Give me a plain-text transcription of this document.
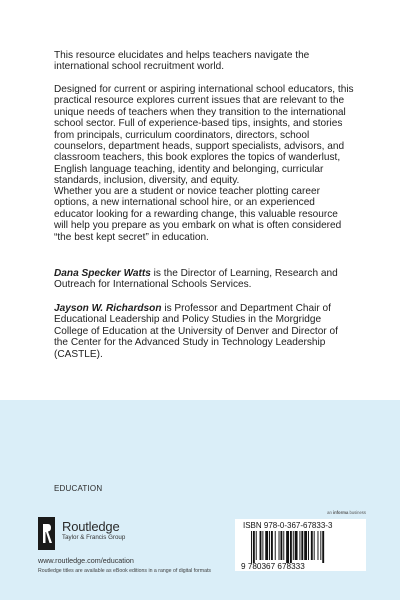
This resource elucidates and helps teachers navigate the international school recruitment world.

Designed for current or aspiring international school educators, this practical resource explores current issues that are relevant to the unique needs of teachers when they transition to the international school sector. Full of experience-based tips, insights, and stories from principals, curriculum coordinators, directors, school counselors, department heads, support specialists, advisors, and classroom teachers, this book explores the topics of wanderlust, English language teaching, identity and belonging, curricular standards, inclusion, diversity, and equity.

Whether you are a student or novice teacher plotting career options, a new international school hire, or an experienced educator looking for a rewarding change, this valuable resource will help you prepare as you embark on what is often considered “the best kept secret” in education.

Dana Specker Watts is the Director of Learning, Research and Outreach for International Schools Services.

Jayson W. Richardson is Professor and Department Chair of Educational Leadership and Policy Studies in the Morgridge College of Education at the University of Denver and Director of the Center for the Advanced Study in Technology Leadership (CASTLE).

EDUCATION
an informa business
Routledge
Taylor & Francis Group
www.routledge.com/education
Routledge titles are available as eBook editions in a range of digital formats
ISBN 978-0-367-67833-3
9 780367 678333
